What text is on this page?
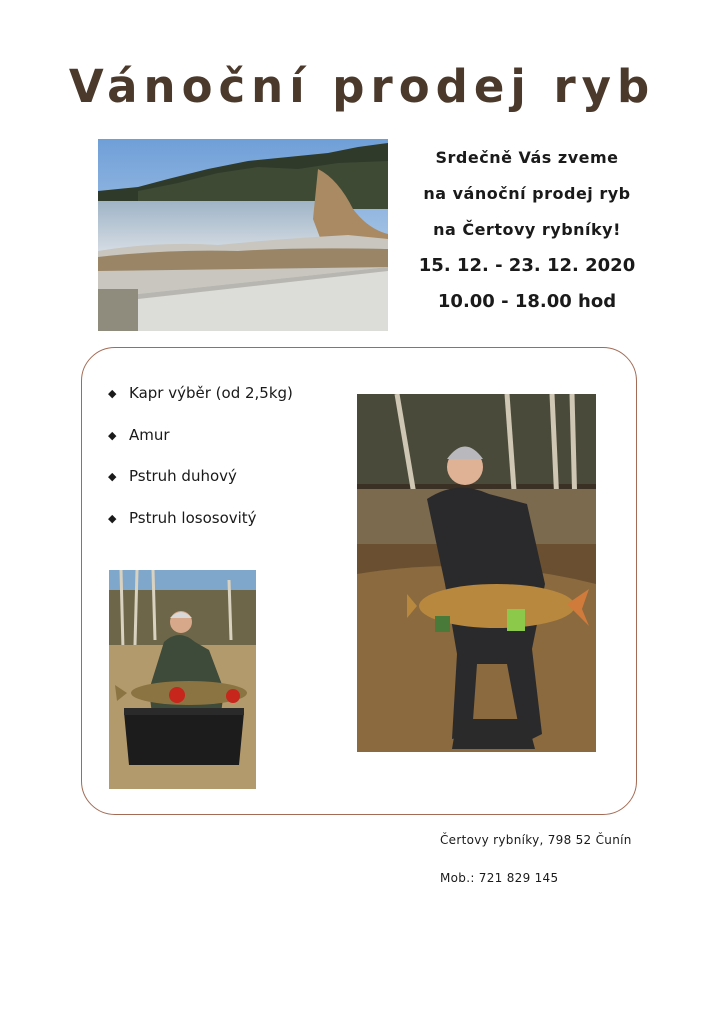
Vánoční prodej ryb
Srdečně Vás zveme
na vánoční prodej ryb
na Čertovy rybníky!
15. 12. - 23. 12. 2020
10.00 - 18.00 hod
◆ Kapr výběr (od 2,5kg)
◆ Amur
◆ Pstruh duhový
◆ Pstruh lososovitý
Čertovy rybníky, 798 52 Čunín
Mob.: 721 829 145
